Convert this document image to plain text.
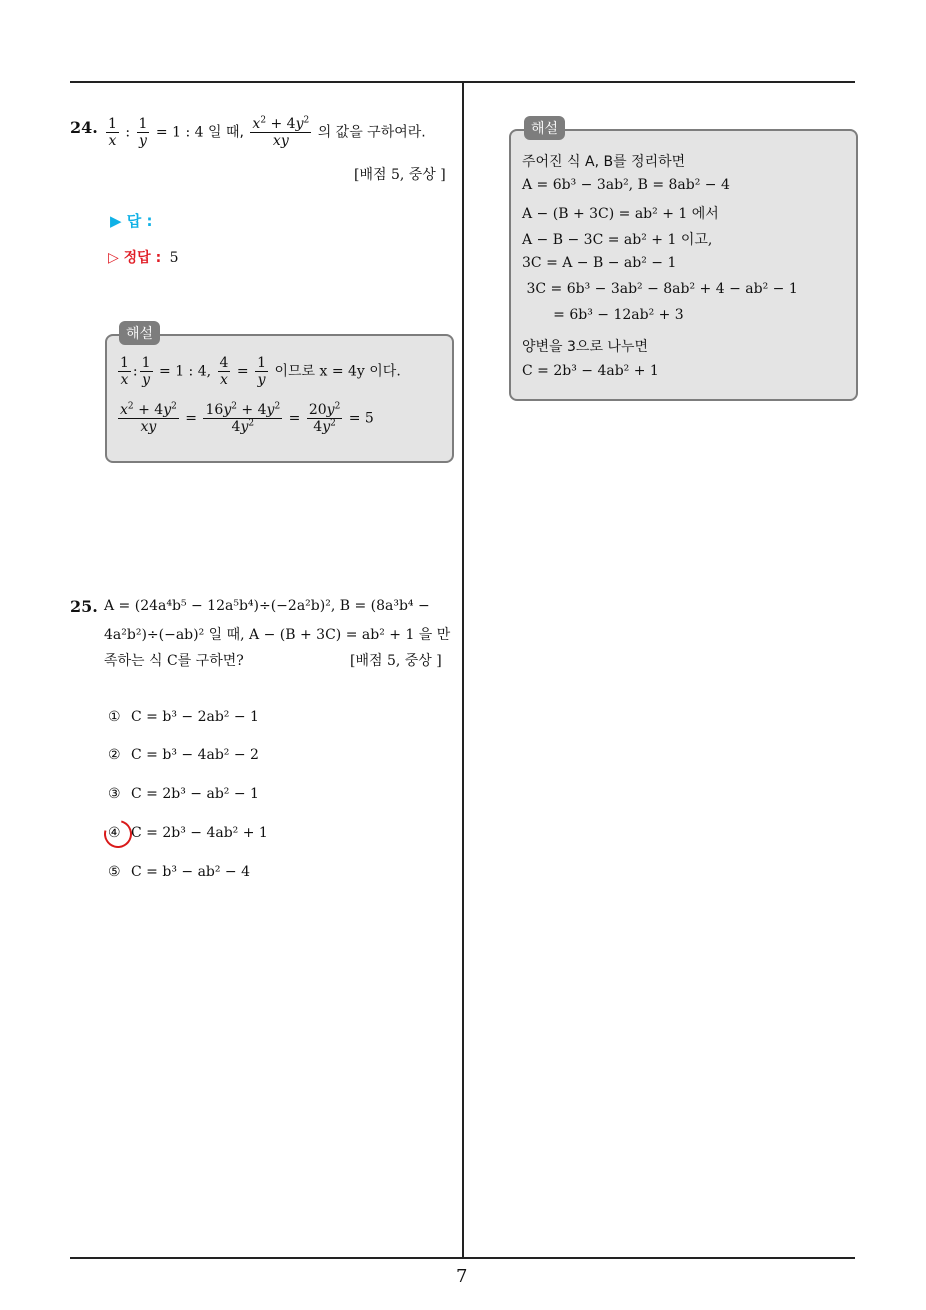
7
24. $\frac{1}{x}$ : $\frac{1}{y} = 1$ : 4 일 때, $\frac{x^2 + 4y^2}{xy}$ 의 값을 구하여라.
[배점 5, 중상 ]
▶ 답 :
▷ 정답 : 5
해설
$\frac{1}{x}$ : $\frac{1}{y} = 1$ : 4, $\frac{4}{x} = \frac{1}{y}$ 이므로 x = 4y 이다.
$\frac{x^2 + 4y^2}{xy} = \frac{16y^2 + 4y^2}{4y^2} = \frac{20y^2}{4y^2} = 5$
25. A = (24a⁴b⁵ − 12a⁵b⁴)÷(−2a²b)², B = (8a³b⁴ −
4a²b²)÷(−ab)² 일 때, A − (B + 3C) = ab² + 1 을 만
족하는 식 C를 구하면?	[배점 5, 중상 ]
① C = b³ − 2ab² − 1
② C = b³ − 4ab² − 2
③ C = 2b³ − ab² − 1
④ C = 2b³ − 4ab² + 1
⑤ C = b³ − ab² − 4
해설
주어진 식 A, B를 정리하면
A = 6b³ − 3ab², B = 8ab² − 4
A − (B + 3C) = ab² + 1 에서
A − B − 3C = ab² + 1 이고,
3C = A − B − ab² − 1
3C = 6b³ − 3ab² − 8ab² + 4 − ab² − 1
= 6b³ − 12ab² + 3
양변을 3으로 나누면
C = 2b³ − 4ab² + 1
